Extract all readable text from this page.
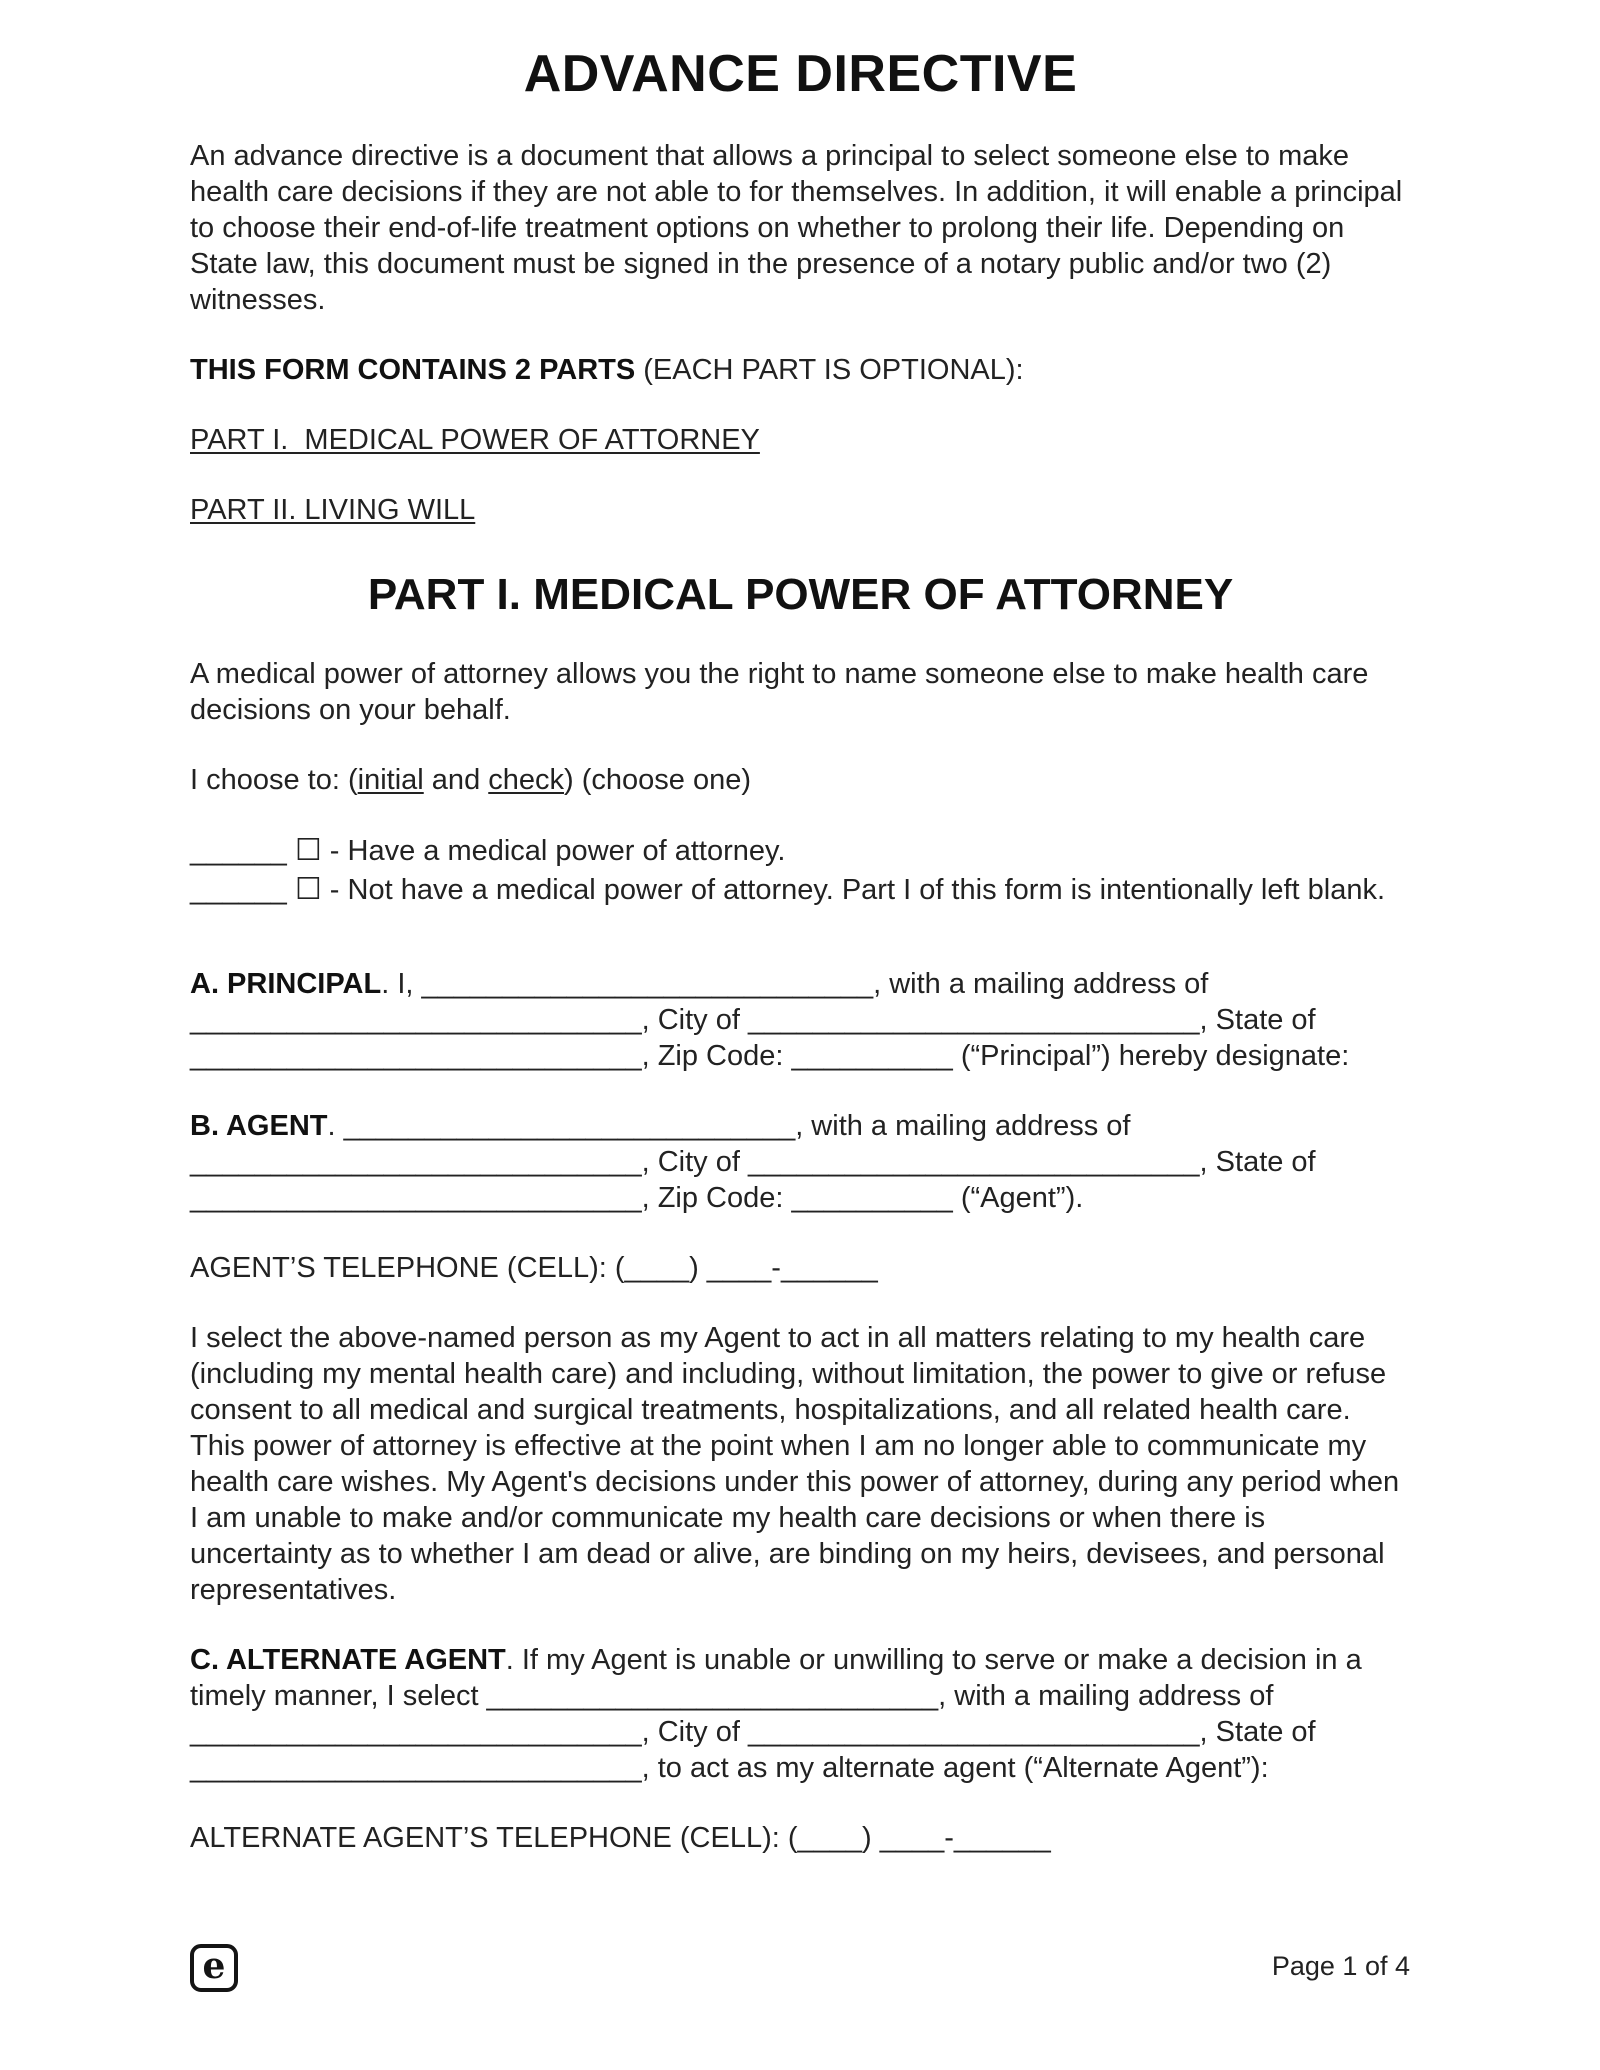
ADVANCE DIRECTIVE

An advance directive is a document that allows a principal to select someone else to make health care decisions if they are not able to for themselves. In addition, it will enable a principal to choose their end-of-life treatment options on whether to prolong their life. Depending on State law, this document must be signed in the presence of a notary public and/or two (2) witnesses.

THIS FORM CONTAINS 2 PARTS (EACH PART IS OPTIONAL):

PART I.  MEDICAL POWER OF ATTORNEY

PART II. LIVING WILL

PART I. MEDICAL POWER OF ATTORNEY

A medical power of attorney allows you the right to name someone else to make health care decisions on your behalf.

I choose to: (initial and check) (choose one)

______ ☐ - Have a medical power of attorney.
______ ☐ - Not have a medical power of attorney. Part I of this form is intentionally left blank.

A. PRINCIPAL. I, ____________________________, with a mailing address of ____________________________, City of ____________________________, State of ____________________________, Zip Code: __________ (“Principal”) hereby designate:

B. AGENT. ____________________________, with a mailing address of ____________________________, City of ____________________________, State of ____________________________, Zip Code: __________ (“Agent”).

AGENT’S TELEPHONE (CELL): (____) ____-______

I select the above-named person as my Agent to act in all matters relating to my health care (including my mental health care) and including, without limitation, the power to give or refuse consent to all medical and surgical treatments, hospitalizations, and all related health care. This power of attorney is effective at the point when I am no longer able to communicate my health care wishes. My Agent's decisions under this power of attorney, during any period when I am unable to make and/or communicate my health care decisions or when there is uncertainty as to whether I am dead or alive, are binding on my heirs, devisees, and personal representatives.

C. ALTERNATE AGENT. If my Agent is unable or unwilling to serve or make a decision in a timely manner, I select ____________________________, with a mailing address of ____________________________, City of ____________________________, State of ____________________________, to act as my alternate agent (“Alternate Agent”):

ALTERNATE AGENT’S TELEPHONE (CELL): (____) ____-______

e	Page 1 of 4
